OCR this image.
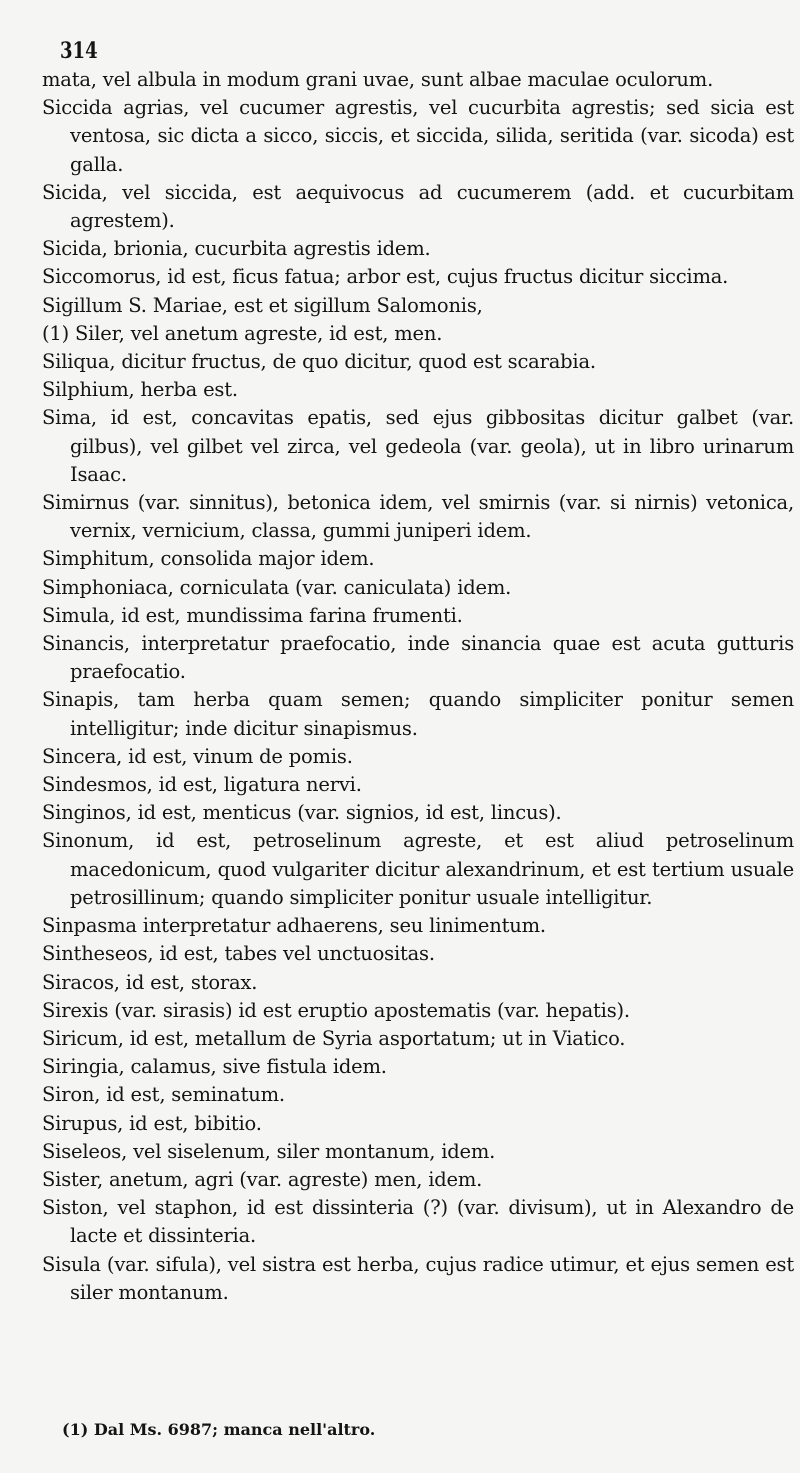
314

mata, vel albula in modum grani uvae, sunt albae maculae oculorum.

Siccida agrias, vel cucumer agrestis, vel cucurbita agrestis; sed sicia est ventosa, sic dicta a sicco, siccis, et siccida, silida, seritida (var. sicoda) est galla.

Sicida, vel siccida, est aequivocus ad cucumerem (add. et cucurbitam agrestem).

Sicida, brionia, cucurbita agrestis idem.

Siccomorus, id est, ficus fatua; arbor est, cujus fructus dicitur siccima.

Sigillum S. Mariae, est et sigillum Salomonis,

(1) Siler, vel anetum agreste, id est, men.

Siliqua, dicitur fructus, de quo dicitur, quod est scarabia.

Silphium, herba est.

Sima, id est, concavitas epatis, sed ejus gibbositas dicitur galbet (var. gilbus), vel gilbet vel zirca, vel gedeola (var. geola), ut in libro urinarum Isaac.

Simirnus (var. sinnitus), betonica idem, vel smirnis (var. si nirnis) vetonica, vernix, vernicium, classa, gummi juniperi idem.

Simphitum, consolida major idem.

Simphoniaca, corniculata (var. caniculata) idem.

Simula, id est, mundissima farina frumenti.

Sinancis, interpretatur praefocatio, inde sinancia quae est acuta gutturis praefocatio.

Sinapis, tam herba quam semen; quando simpliciter ponitur semen intelligitur; inde dicitur sinapismus.

Sincera, id est, vinum de pomis.

Sindesmos, id est, ligatura nervi.

Singinos, id est, menticus (var. signios, id est, lincus).

Sinonum, id est, petroselinum agreste, et est aliud petroselinum macedonicum, quod vulgariter dicitur alexandrinum, et est tertium usuale petrosillinum; quando simpliciter ponitur usuale intelligitur.

Sinpasma interpretatur adhaerens, seu linimentum.

Sintheseos, id est, tabes vel unctuositas.

Siracos, id est, storax.

Sirexis (var. sirasis) id est eruptio apostematis (var. hepatis).

Siricum, id est, metallum de Syria asportatum; ut in Viatico.

Siringia, calamus, sive fistula idem.

Siron, id est, seminatum.

Sirupus, id est, bibitio.

Siseleos, vel siselenum, siler montanum, idem.

Sister, anetum, agri (var. agreste) men, idem.

Siston, vel staphon, id est dissinteria (?) (var. divisum), ut in Alexandro de lacte et dissinteria.

Sisula (var. sifula), vel sistra est herba, cujus radice utimur, et ejus semen est siler montanum.

(1) Dal Ms. 6987; manca nell'altro.
